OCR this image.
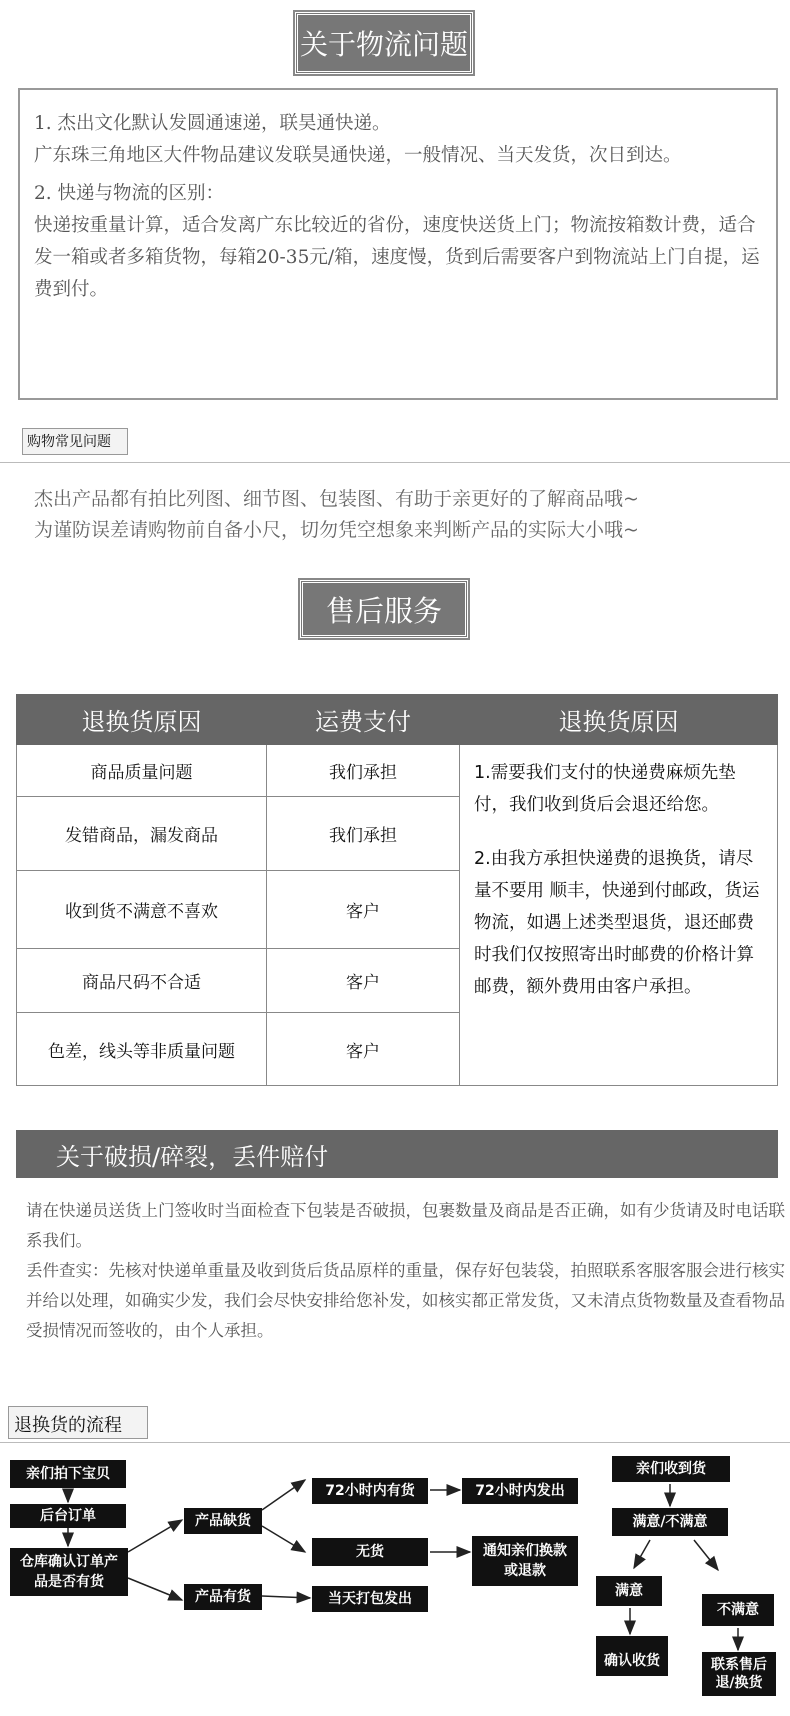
关于物流问题

1. 杰出文化默认发圆通速递，联昊通快递。

广东珠三角地区大件物品建议发联昊通快递，一般情况、当天发货，次日到达。

2. 快递与物流的区别：

快递按重量计算，适合发离广东比较近的省份，速度快送货上门；物流按箱数计费，适合发一箱或者多箱货物，每箱20-35元/箱，速度慢，货到后需要客户到物流站上门自提，运费到付。

购物常见问题
杰出产品都有拍比列图、细节图、包装图、有助于亲更好的了解商品哦~
为谨防误差请购物前自备小尺，切勿凭空想象来判断产品的实际大小哦~
售后服务
退换货原因	运费支付	退换货原因
商品质量问题	我们承担	1.需要我们支付的快递费麻烦先垫付，我们收到货后会退还给您。
2.由我方承担快递费的退换货，请尽量不要用 顺丰，快递到付邮政，货运物流，如遇上述类型退货，退还邮费时我们仅按照寄出时邮费的价格计算邮费，额外费用由客户承担。

发错商品，漏发商品	我们承担	
收到货不满意不喜欢	客户	
商品尺码不合适	客户	
色差，线头等非质量问题	客户	
关于破损/碎裂，丢件赔付

请在快递员送货上门签收时当面检查下包装是否破损，包裹数量及商品是否正确，如有少货请及时电话联系我们。

丢件查实：先核对快递单重量及收到货后货品原样的重量，保存好包装袋，拍照联系客服客服会进行核实并给以处理，如确实少发，我们会尽快安排给您补发，如核实都正常发货，又未清点货物数量及查看物品受损情况而签收的，由个人承担。

退换货的流程
亲们拍下宝贝
后台订单
仓库确认订单产品是否有货
产品缺货
产品有货
72小时内有货	72小时内发出
无货	通知亲们换款或退款
当天打包发出
亲们收到货
满意/不满意
满意
不满意
确认收货	联系售后退/换货
